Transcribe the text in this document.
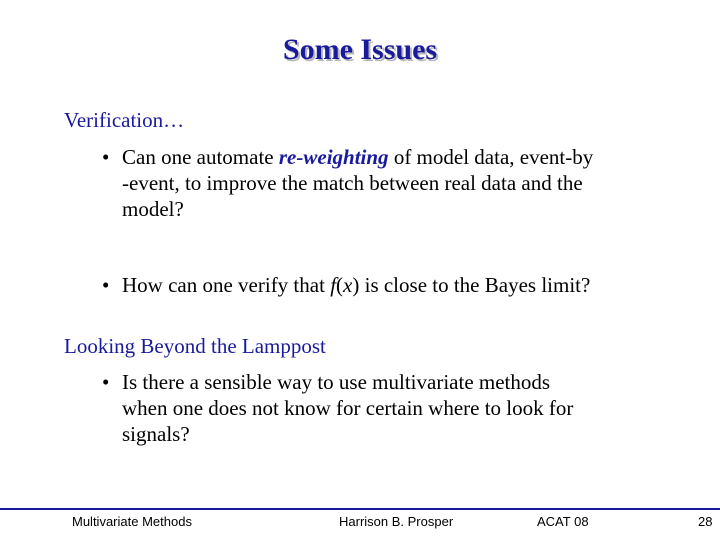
Some Issues
Verification…
• Can one automate re-weighting of model data, event-by
-event, to improve the match between real data and the
model?
• How can one verify that f(x) is close to the Bayes limit?
Looking Beyond the Lamppost
• Is there a sensible way to use multivariate methods
when one does not know for certain where to look for
signals?
Multivariate Methods	Harrison B. Prosper	ACAT 08	28
